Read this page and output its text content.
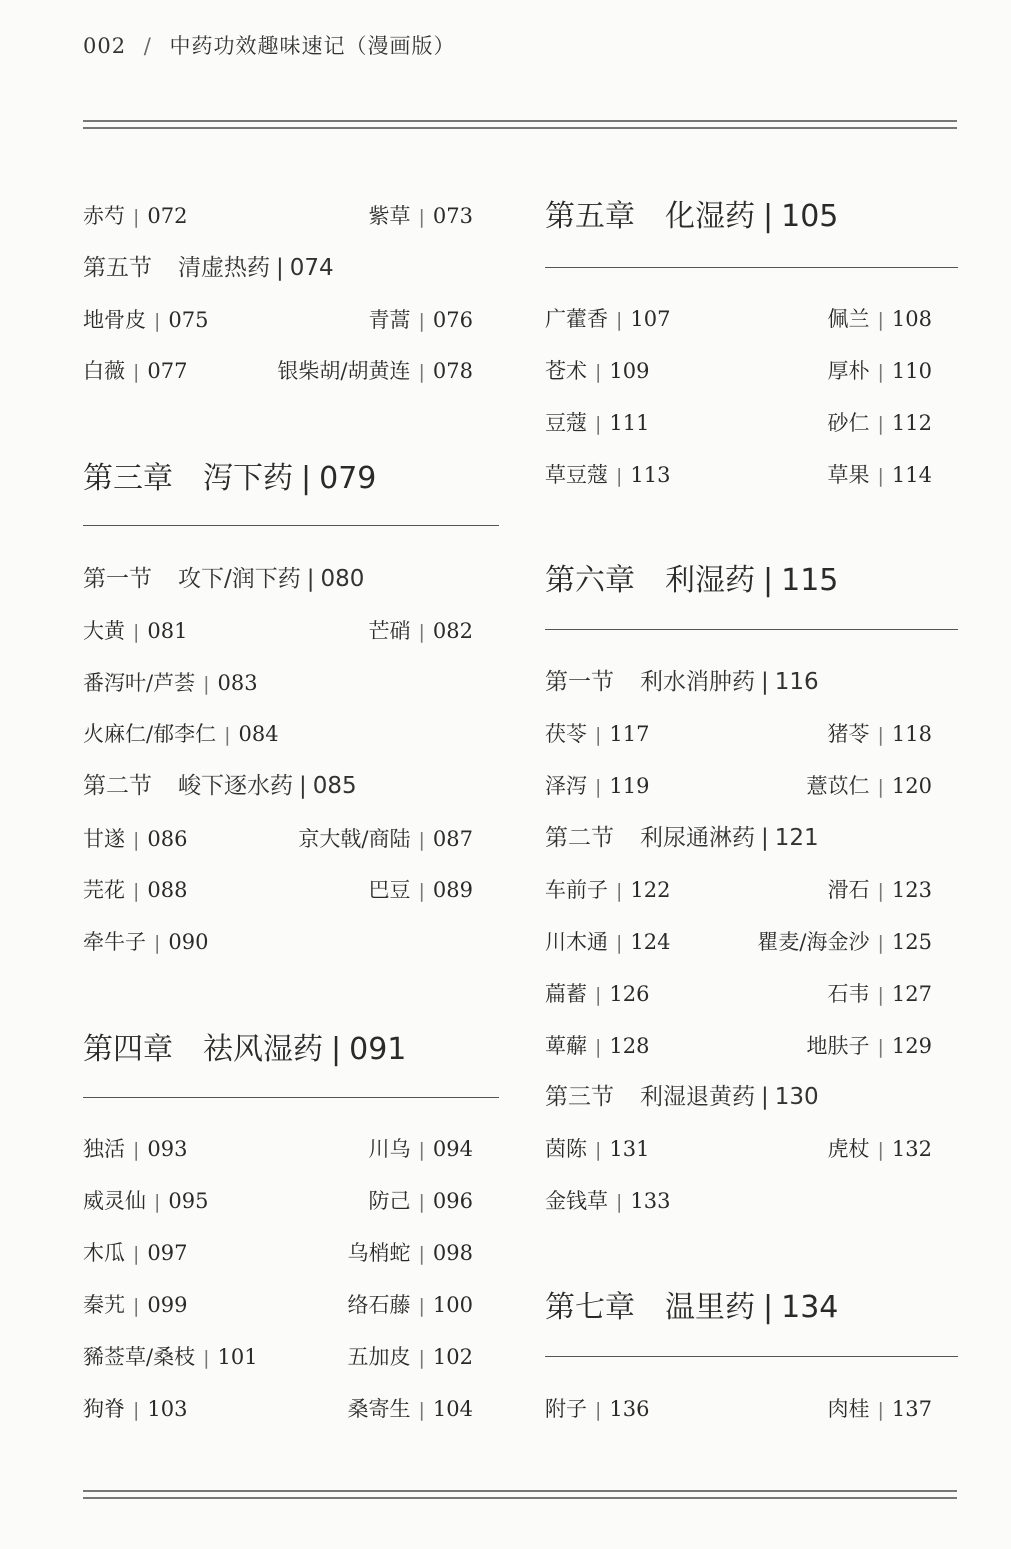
002 / 中药功效趣味速记（漫画版）
赤芍 | 072	紫草 | 073
第五节 清虚热药 | 074
地骨皮 | 075	青蒿 | 076
白薇 | 077	银柴胡/胡黄连 | 078
第三章 泻下药 | 079
第一节 攻下/润下药 | 080
大黄 | 081	芒硝 | 082
番泻叶/芦荟 | 083
火麻仁/郁李仁 | 084
第二节 峻下逐水药 | 085
甘遂 | 086	京大戟/商陆 | 087
芫花 | 088	巴豆 | 089
牵牛子 | 090
第四章 祛风湿药 | 091
独活 | 093	川乌 | 094
威灵仙 | 095	防己 | 096
木瓜 | 097	乌梢蛇 | 098
秦艽 | 099	络石藤 | 100
豨莶草/桑枝 | 101	五加皮 | 102
狗脊 | 103	桑寄生 | 104
第五章 化湿药 | 105
广藿香 | 107	佩兰 | 108
苍术 | 109	厚朴 | 110
豆蔻 | 111	砂仁 | 112
草豆蔻 | 113	草果 | 114
第六章 利湿药 | 115
第一节 利水消肿药 | 116
茯苓 | 117	猪苓 | 118
泽泻 | 119	薏苡仁 | 120
第二节 利尿通淋药 | 121
车前子 | 122	滑石 | 123
川木通 | 124	瞿麦/海金沙 | 125
萹蓄 | 126	石韦 | 127
萆薢 | 128	地肤子 | 129
第三节 利湿退黄药 | 130
茵陈 | 131	虎杖 | 132
金钱草 | 133
第七章 温里药 | 134
附子 | 136	肉桂 | 137
